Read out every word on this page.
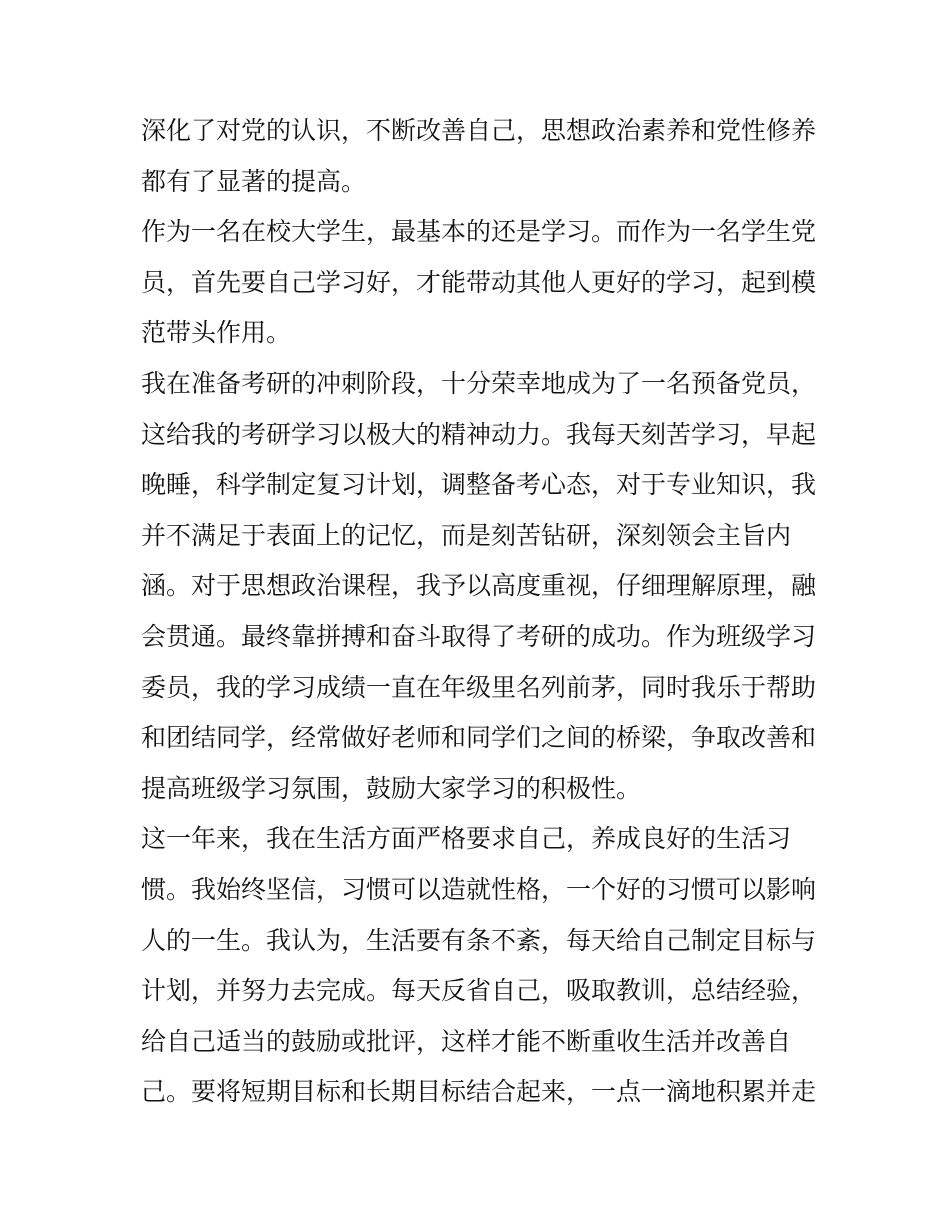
深化了对党的认识，不断改善自己，思想政治素养和党性修养
都有了显著的提高。
作为一名在校大学生，最基本的还是学习。而作为一名学生党
员，首先要自己学习好，才能带动其他人更好的学习，起到模
范带头作用。
我在准备考研的冲刺阶段，十分荣幸地成为了一名预备党员，
这给我的考研学习以极大的精神动力。我每天刻苦学习，早起
晚睡，科学制定复习计划，调整备考心态，对于专业知识，我
并不满足于表面上的记忆，而是刻苦钻研，深刻领会主旨内
涵。对于思想政治课程，我予以高度重视，仔细理解原理，融
会贯通。最终靠拼搏和奋斗取得了考研的成功。作为班级学习
委员，我的学习成绩一直在年级里名列前茅，同时我乐于帮助
和团结同学，经常做好老师和同学们之间的桥梁，争取改善和
提高班级学习氛围，鼓励大家学习的积极性。
这一年来，我在生活方面严格要求自己，养成良好的生活习
惯。我始终坚信，习惯可以造就性格，一个好的习惯可以影响
人的一生。我认为，生活要有条不紊，每天给自己制定目标与
计划，并努力去完成。每天反省自己，吸取教训，总结经验，
给自己适当的鼓励或批评，这样才能不断重收生活并改善自
己。要将短期目标和长期目标结合起来，一点一滴地积累并走
